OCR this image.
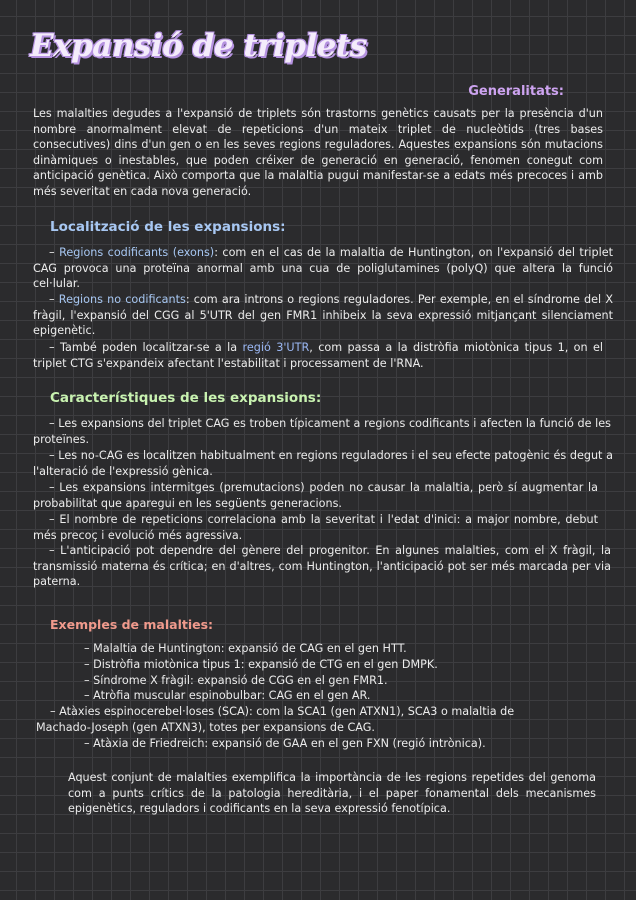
Expansió de triplets
Generalitats:

Les malalties degudes a l'expansió de triplets són trastorns genètics causats per la presència d'un nombre anormalment elevat de repeticions d'un mateix triplet de nucleòtids (tres bases consecutives) dins d'un gen o en les seves regions reguladores. Aquestes expansions són mutacions dinàmiques o inestables, que poden créixer de generació en generació, fenomen conegut com anticipació genètica. Això comporta que la malaltia pugui manifestar-se a edats més precoces i amb més severitat en cada nova generació.

Localització de les expansions:

– Regions codificants (exons): com en el cas de la malaltia de Huntington, on l'expansió del triplet CAG provoca una proteïna anormal amb una cua de poliglutamines (polyQ) que altera la funció cel·lular.

– Regions no codificants: com ara introns o regions reguladores. Per exemple, en el síndrome del X fràgil, l'expansió del CGG al 5'UTR del gen FMR1 inhibeix la seva expressió mitjançant silenciament epigenètic.

– També poden localitzar-se a la regió 3'UTR, com passa a la distròfia miotònica tipus 1, on el triplet CTG s'expandeix afectant l'estabilitat i processament de l'RNA.

Característiques de les expansions:

– Les expansions del triplet CAG es troben típicament a regions codificants i afecten la funció de les proteïnes.

– Les no-CAG es localitzen habitualment en regions reguladores i el seu efecte patogènic és degut a l'alteració de l'expressió gènica.

– Les expansions intermitges (premutacions) poden no causar la malaltia, però sí augmentar la probabilitat que aparegui en les següents generacions.

– El nombre de repeticions correlaciona amb la severitat i l'edat d'inici: a major nombre, debut més precoç i evolució més agressiva.

– L'anticipació pot dependre del gènere del progenitor. En algunes malalties, com el X fràgil, la transmissió materna és crítica; en d'altres, com Huntington, l'anticipació pot ser més marcada per via paterna.

Exemples de malalties:
– Malaltia de Huntington: expansió de CAG en el gen HTT.
– Distròfia miotònica tipus 1: expansió de CTG en el gen DMPK.
– Síndrome X fràgil: expansió de CGG en el gen FMR1.
– Atròfia muscular espinobulbar: CAG en el gen AR.
– Atàxies espinocerebel·loses (SCA): com la SCA1 (gen ATXN1), SCA3 o malaltia de Machado-Joseph (gen ATXN3), totes per expansions de CAG.
– Atàxia de Friedreich: expansió de GAA en el gen FXN (regió intrònica).

Aquest conjunt de malalties exemplifica la importància de les regions repetides del genoma com a punts crítics de la patologia hereditària, i el paper fonamental dels mecanismes epigenètics, reguladors i codificants en la seva expressió fenotípica.
